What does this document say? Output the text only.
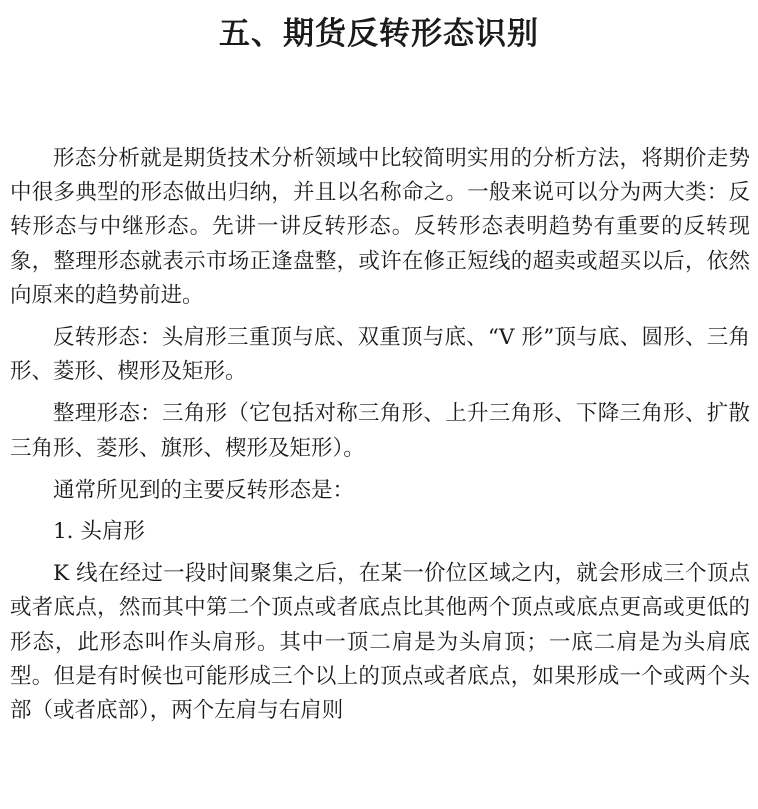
五、期货反转形态识别

形态分析就是期货技术分析领域中比较简明实用的分析方法，将期价走势中很多典型的形态做出归纳，并且以名称命之。一般来说可以分为两大类：反转形态与中继形态。先讲一讲反转形态。反转形态表明趋势有重要的反转现象，整理形态就表示市场正逢盘整，或许在修正短线的超卖或超买以后，依然向原来的趋势前进。

反转形态：头肩形三重顶与底、双重顶与底、“V 形”顶与底、圆形、三角形、菱形、楔形及矩形。

整理形态：三角形（它包括对称三角形、上升三角形、下降三角形、扩散三角形、菱形、旗形、楔形及矩形）。

通常所见到的主要反转形态是：

1. 头肩形

K 线在经过一段时间聚集之后，在某一价位区域之内，就会形成三个顶点或者底点，然而其中第二个顶点或者底点比其他两个顶点或底点更高或更低的形态，此形态叫作头肩形。其中一顶二肩是为头肩顶；一底二肩是为头肩底型。但是有时候也可能形成三个以上的顶点或者底点，如果形成一个或两个头部（或者底部），两个左肩与右肩则
